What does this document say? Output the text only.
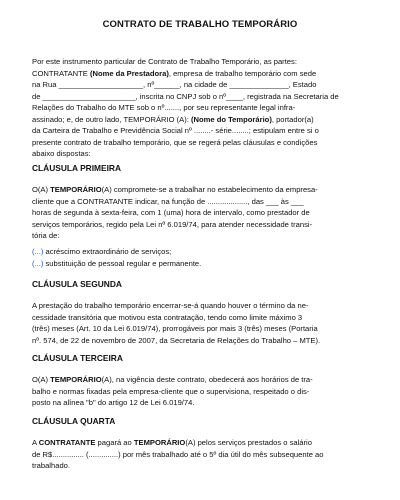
CONTRATO DE TRABALHO TEMPORÁRIO
Por este instrumento particular de Contrato de Trabalho Temporário, as partes:
CONTRATANTE (Nome da Prestadora), empresa de trabalho temporário com sede
na Rua ____________________, nº______, na cidade de ______________, Estado
de ______________________, inscrita no CNPJ sob o nº____, registrada na Secretaria de
Relações do Trabalho do MTE sob o nº......., por seu representante legal infra-
assinado; e, de outro lado, TEMPORÁRIO (A): (Nome do Temporário), portador(a)
da Carteira de Trabalho e Previdência Social nº ........- série........; estipulam entre si o
presente contrato de trabalho temporário, que se regerá pelas cláusulas e condições
abaixo dispostas:
CLÁUSULA PRIMEIRA
O(A) TEMPORÁRIO(A) compromete-se a trabalhar no estabelecimento da empresa-
cliente que a CONTRATANTE indicar, na função de ..................., das ___ às ___
horas de segunda à sexta-feira, com 1 (uma) hora de intervalo, como prestador de
serviços temporários, regido pela Lei nº 6.019/74, para atender necessidade transi-
tória de:
(...) acréscimo extraordinário de serviços;
(...) substituição de pessoal regular e permanente.
CLÁUSULA SEGUNDA
A prestação do trabalho temporário encerrar-se-á quando houver o término da ne-
cessidade transitória que motivou esta contratação, tendo como limite máximo 3
(três) meses (Art. 10 da Lei 6.019/74), prorrogáveis por mais 3 (três) meses (Portaria
nº. 574, de 22 de novembro de 2007, da Secretaria de Relações do Trabalho – MTE).
CLÁUSULA TERCEIRA
O(A) TEMPORÁRIO(A), na vigência deste contrato, obedecerá aos horários de tra-
balho e normas fixadas pela empresa-cliente que o supervisiona, respeitado o dis-
posto na alínea "b" do artigo 12 de Lei 6.019/74.
CLÁUSULA QUARTA
A CONTRATANTE pagará ao TEMPORÁRIO(A) pelos serviços prestados o salário
de R$............... (..............) por mês trabalhado até o 5º dia útil do mês subsequente ao
trabalhado.
